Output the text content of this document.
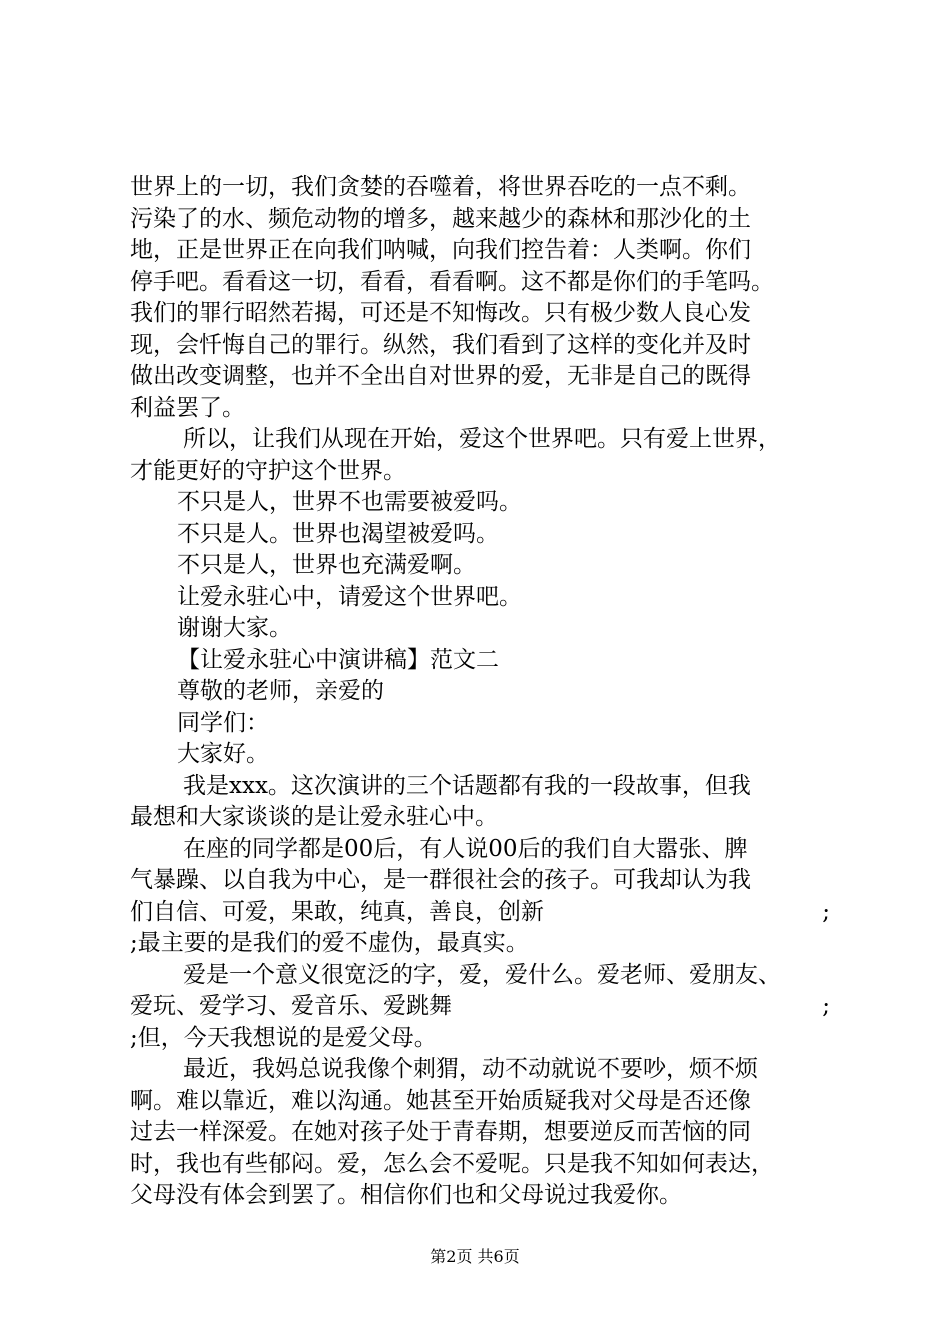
世界上的一切，我们贪婪的吞噬着，将世界吞吃的一点不剩。
污染了的水、频危动物的增多，越来越少的森林和那沙化的土
地，正是世界正在向我们呐喊，向我们控告着：人类啊。你们
停手吧。看看这一切，看看，看看啊。这不都是你们的手笔吗。
我们的罪行昭然若揭，可还是不知悔改。只有极少数人良心发
现，会忏悔自己的罪行。纵然，我们看到了这样的变化并及时
做出改变调整，也并不全出自对世界的爱，无非是自己的既得
利益罢了。
所以，让我们从现在开始，爱这个世界吧。只有爱上世界，
才能更好的守护这个世界。
不只是人，世界不也需要被爱吗。
不只是人。世界也渴望被爱吗。
不只是人，世界也充满爱啊。
让爱永驻心中，请爱这个世界吧。
谢谢大家。
【让爱永驻心中演讲稿】范文二
尊敬的老师，亲爱的
同学们：
大家好。
我是xxx。这次演讲的三个话题都有我的一段故事，但我
最想和大家谈谈的是让爱永驻心中。
在座的同学都是00后，有人说00后的我们自大嚣张、脾
气暴躁、以自我为中心，是一群很社会的孩子。可我却认为我
们自信、可爱，果敢，纯真，善良，创新	;
;最主要的是我们的爱不虚伪，最真实。
爱是一个意义很宽泛的字，爱，爱什么。爱老师、爱朋友、
爱玩、爱学习、爱音乐、爱跳舞	;
;但，今天我想说的是爱父母。
最近，我妈总说我像个刺猬，动不动就说不要吵，烦不烦
啊。难以靠近，难以沟通。她甚至开始质疑我对父母是否还像
过去一样深爱。在她对孩子处于青春期，想要逆反而苦恼的同
时，我也有些郁闷。爱，怎么会不爱呢。只是我不知如何表达，
父母没有体会到罢了。相信你们也和父母说过我爱你。
第2页 共6页
